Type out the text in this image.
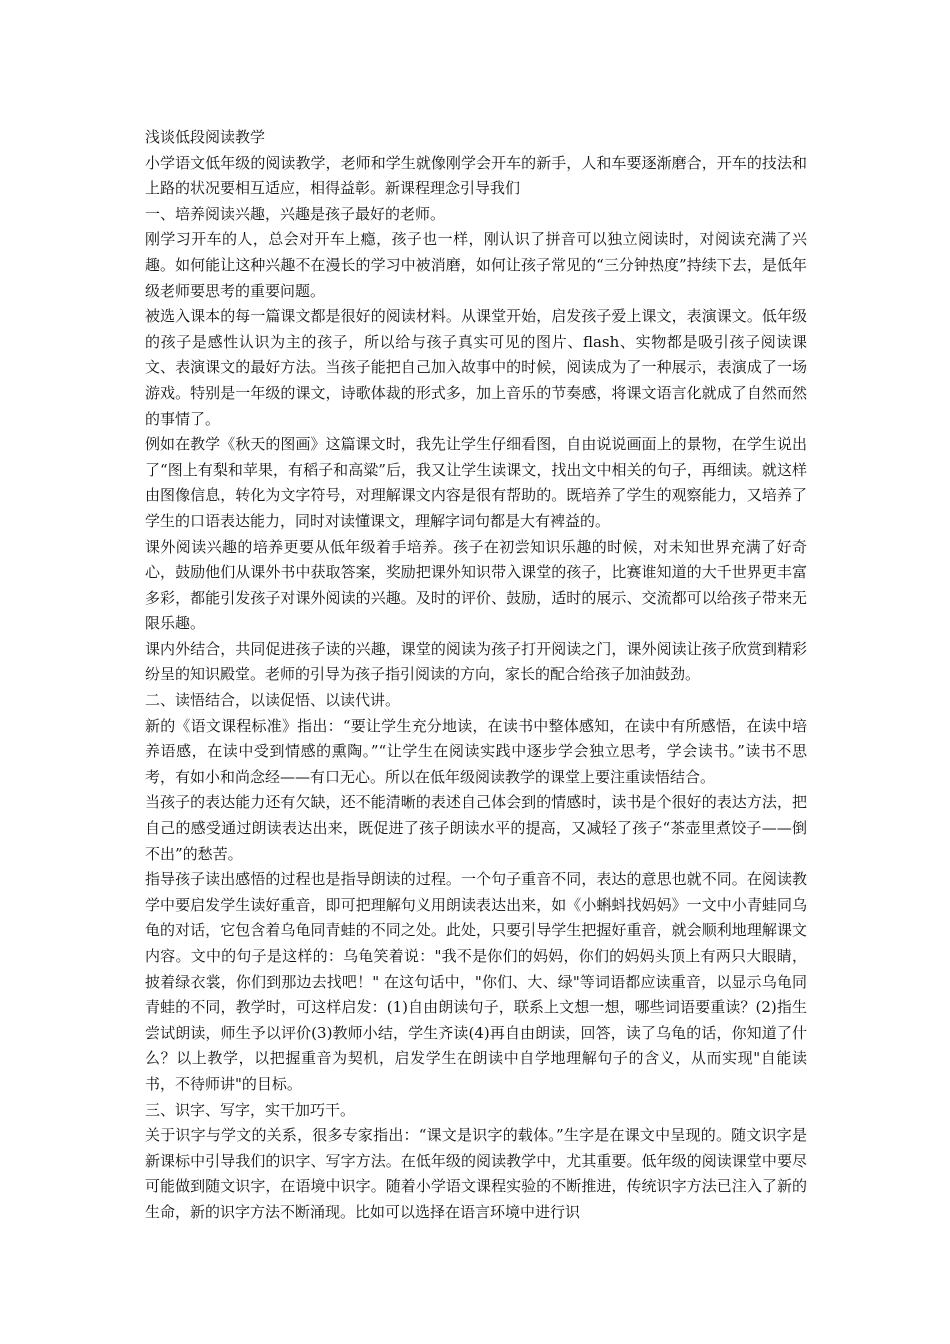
浅谈低段阅读教学

小学语文低年级的阅读教学，老师和学生就像刚学会开车的新手，人和车要逐渐磨合，开车的技法和上路的状况要相互适应，相得益彰。新课程理念引导我们

一、培养阅读兴趣，兴趣是孩子最好的老师。

刚学习开车的人，总会对开车上瘾，孩子也一样，刚认识了拼音可以独立阅读时，对阅读充满了兴趣。如何能让这种兴趣不在漫长的学习中被消磨，如何让孩子常见的“三分钟热度”持续下去，是低年级老师要思考的重要问题。

被选入课本的每一篇课文都是很好的阅读材料。从课堂开始，启发孩子爱上课文，表演课文。低年级的孩子是感性认识为主的孩子，所以给与孩子真实可见的图片、flash、实物都是吸引孩子阅读课文、表演课文的最好方法。当孩子能把自己加入故事中的时候，阅读成为了一种展示，表演成了一场游戏。特别是一年级的课文，诗歌体裁的形式多，加上音乐的节奏感，将课文语言化就成了自然而然的事情了。

例如在教学《秋天的图画》这篇课文时，我先让学生仔细看图，自由说说画面上的景物，在学生说出了“图上有梨和苹果，有稻子和高粱”后，我又让学生读课文，找出文中相关的句子，再细读。就这样由图像信息，转化为文字符号，对理解课文内容是很有帮助的。既培养了学生的观察能力，又培养了学生的口语表达能力，同时对读懂课文，理解字词句都是大有裨益的。

课外阅读兴趣的培养更要从低年级着手培养。孩子在初尝知识乐趣的时候，对未知世界充满了好奇心，鼓励他们从课外书中获取答案，奖励把课外知识带入课堂的孩子，比赛谁知道的大千世界更丰富多彩，都能引发孩子对课外阅读的兴趣。及时的评价、鼓励，适时的展示、交流都可以给孩子带来无限乐趣。

课内外结合，共同促进孩子读的兴趣，课堂的阅读为孩子打开阅读之门，课外阅读让孩子欣赏到精彩纷呈的知识殿堂。老师的引导为孩子指引阅读的方向，家长的配合给孩子加油鼓劲。

二、读悟结合，以读促悟、以读代讲。

新的《语文课程标准》指出：“要让学生充分地读，在读书中整体感知，在读中有所感悟，在读中培养语感，在读中受到情感的熏陶。”“让学生在阅读实践中逐步学会独立思考，学会读书。”读书不思考，有如小和尚念经——有口无心。所以在低年级阅读教学的课堂上要注重读悟结合。

当孩子的表达能力还有欠缺，还不能清晰的表述自己体会到的情感时，读书是个很好的表达方法，把自己的感受通过朗读表达出来，既促进了孩子朗读水平的提高，又减轻了孩子“茶壶里煮饺子——倒不出”的愁苦。

指导孩子读出感悟的过程也是指导朗读的过程。一个句子重音不同，表达的意思也就不同。在阅读教学中要启发学生读好重音，即可把理解句义用朗读表达出来，如《小蝌蚪找妈妈》一文中小青蛙同乌龟的对话，它包含着乌龟同青蛙的不同之处。此处，只要引导学生把握好重音，就会顺利地理解课文内容。文中的句子是这样的：乌龟笑着说："我不是你们的妈妈，你们的妈妈头顶上有两只大眼睛，披着绿衣裳，你们到那边去找吧！" 在这句话中，"你们、大、绿"等词语都应读重音，以显示乌龟同青蛙的不同，教学时，可这样启发：(1)自由朗读句子，联系上文想一想，哪些词语要重读？(2)指生尝试朗读，师生予以评价(3)教师小结，学生齐读(4)再自由朗读，回答，读了乌龟的话，你知道了什么？以上教学，以把握重音为契机，启发学生在朗读中自学地理解句子的含义，从而实现"自能读书，不待师讲"的目标。

三、识字、写字，实干加巧干。

关于识字与学文的关系，很多专家指出：“课文是识字的载体。”生字是在课文中呈现的。随文识字是新课标中引导我们的识字、写字方法。在低年级的阅读教学中，尤其重要。低年级的阅读课堂中要尽可能做到随文识字，在语境中识字。随着小学语文课程实验的不断推进，传统识字方法已注入了新的生命，新的识字方法不断涌现。比如可以选择在语言环境中进行识
